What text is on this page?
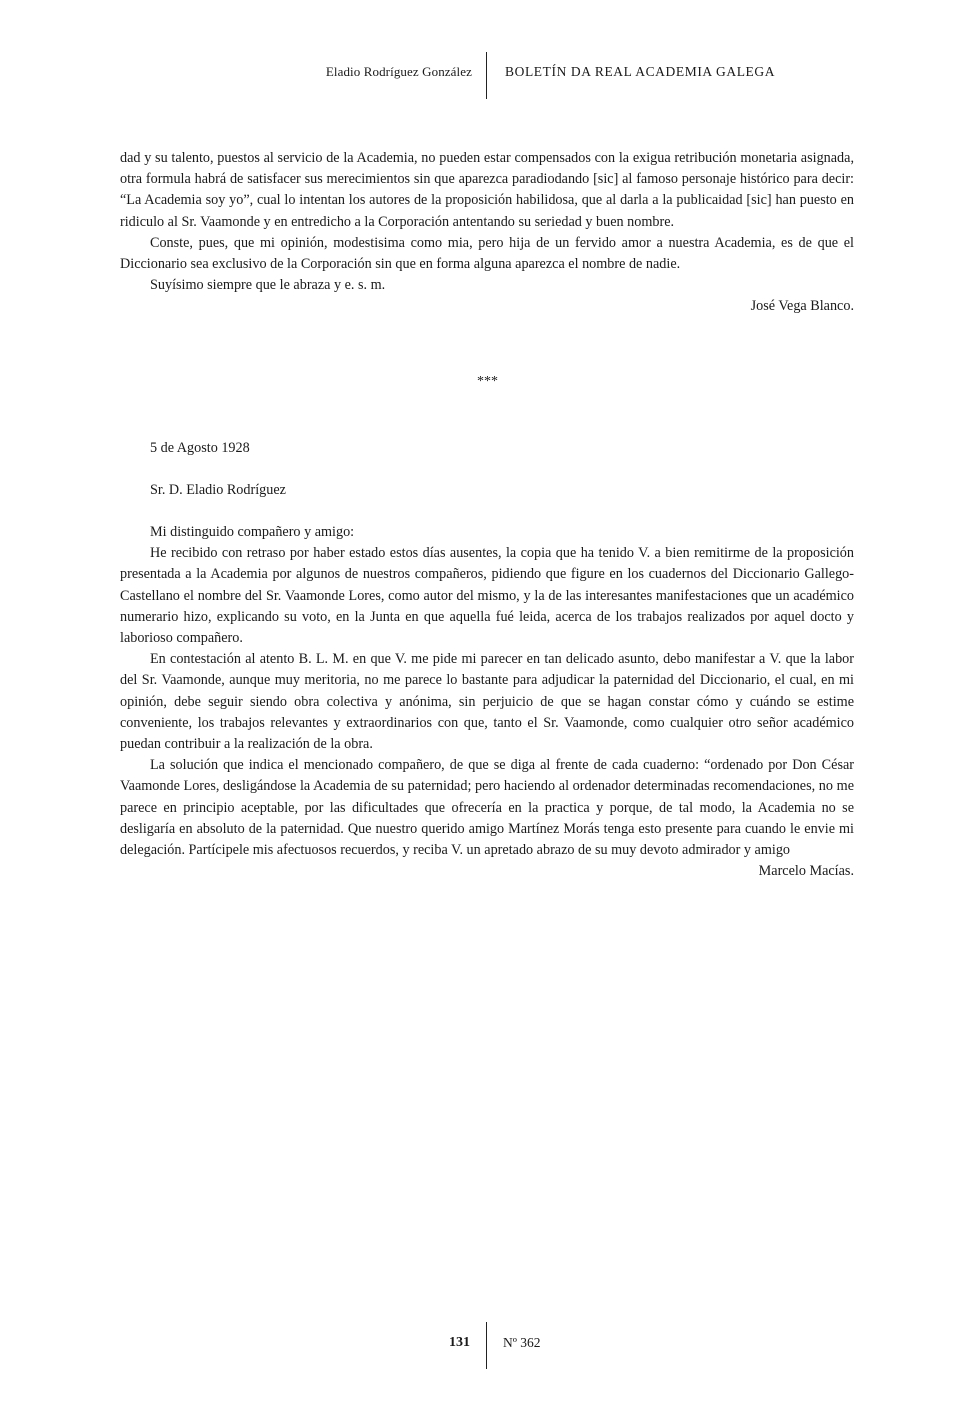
Eladio Rodríguez González BOLETÍN DA REAL ACADEMIA GALEGA

dad y su talento, puestos al servicio de la Academia, no pueden estar compensados con la exigua retribución monetaria asignada, otra formula habrá de satisfacer sus merecimientos sin que aparezca paradiodando [sic] al famoso personaje histórico para decir: “La Academia soy yo”, cual lo intentan los autores de la proposición habilidosa, que al darla a la publicaidad [sic] han puesto en ridiculo al Sr. Vaamonde y en entredicho a la Corporación antentando su seriedad y buen nombre.

Conste, pues, que mi opinión, modestisima como mia, pero hija de un fervido amor a nuestra Academia, es de que el Diccionario sea exclusivo de la Corporación sin que en forma alguna aparezca el nombre de nadie.

Suyísimo siempre que le abraza y e. s. m.

José Vega Blanco.

***
5 de Agosto 1928
Sr. D. Eladio Rodríguez

Mi distinguido compañero y amigo:

He recibido con retraso por haber estado estos días ausentes, la copia que ha tenido V. a bien remitirme de la proposición presentada a la Academia por algunos de nuestros compañeros, pidiendo que figure en los cuadernos del Diccionario Gallego-Castellano el nombre del Sr. Vaamonde Lores, como autor del mismo, y la de las interesantes manifestaciones que un académico numerario hizo, explicando su voto, en la Junta en que aquella fué leida, acerca de los trabajos realizados por aquel docto y laborioso compañero.

En contestación al atento B. L. M. en que V. me pide mi parecer en tan delicado asunto, debo manifestar a V. que la labor del Sr. Vaamonde, aunque muy meritoria, no me parece lo bastante para adjudicar la paternidad del Diccionario, el cual, en mi opinión, debe seguir siendo obra colectiva y anónima, sin perjuicio de que se hagan constar cómo y cuándo se estime conveniente, los trabajos relevantes y extraordinarios con que, tanto el Sr. Vaamonde, como cualquier otro señor académico puedan contribuir a la realización de la obra.

La solución que indica el mencionado compañero, de que se diga al frente de cada cuaderno: “ordenado por Don César Vaamonde Lores, desligándose la Academia de su paternidad; pero haciendo al ordenador determinadas recomendaciones, no me parece en principio aceptable, por las dificultades que ofrecería en la practica y porque, de tal modo, la Academia no se desligaría en absoluto de la paternidad. Que nuestro querido amigo Martínez Morás tenga esto presente para cuando le envie mi delegación. Partícipele mis afectuosos recuerdos, y reciba V. un apretado abrazo de su muy devoto admirador y amigo

Marcelo Macías.

131 Nº 362
